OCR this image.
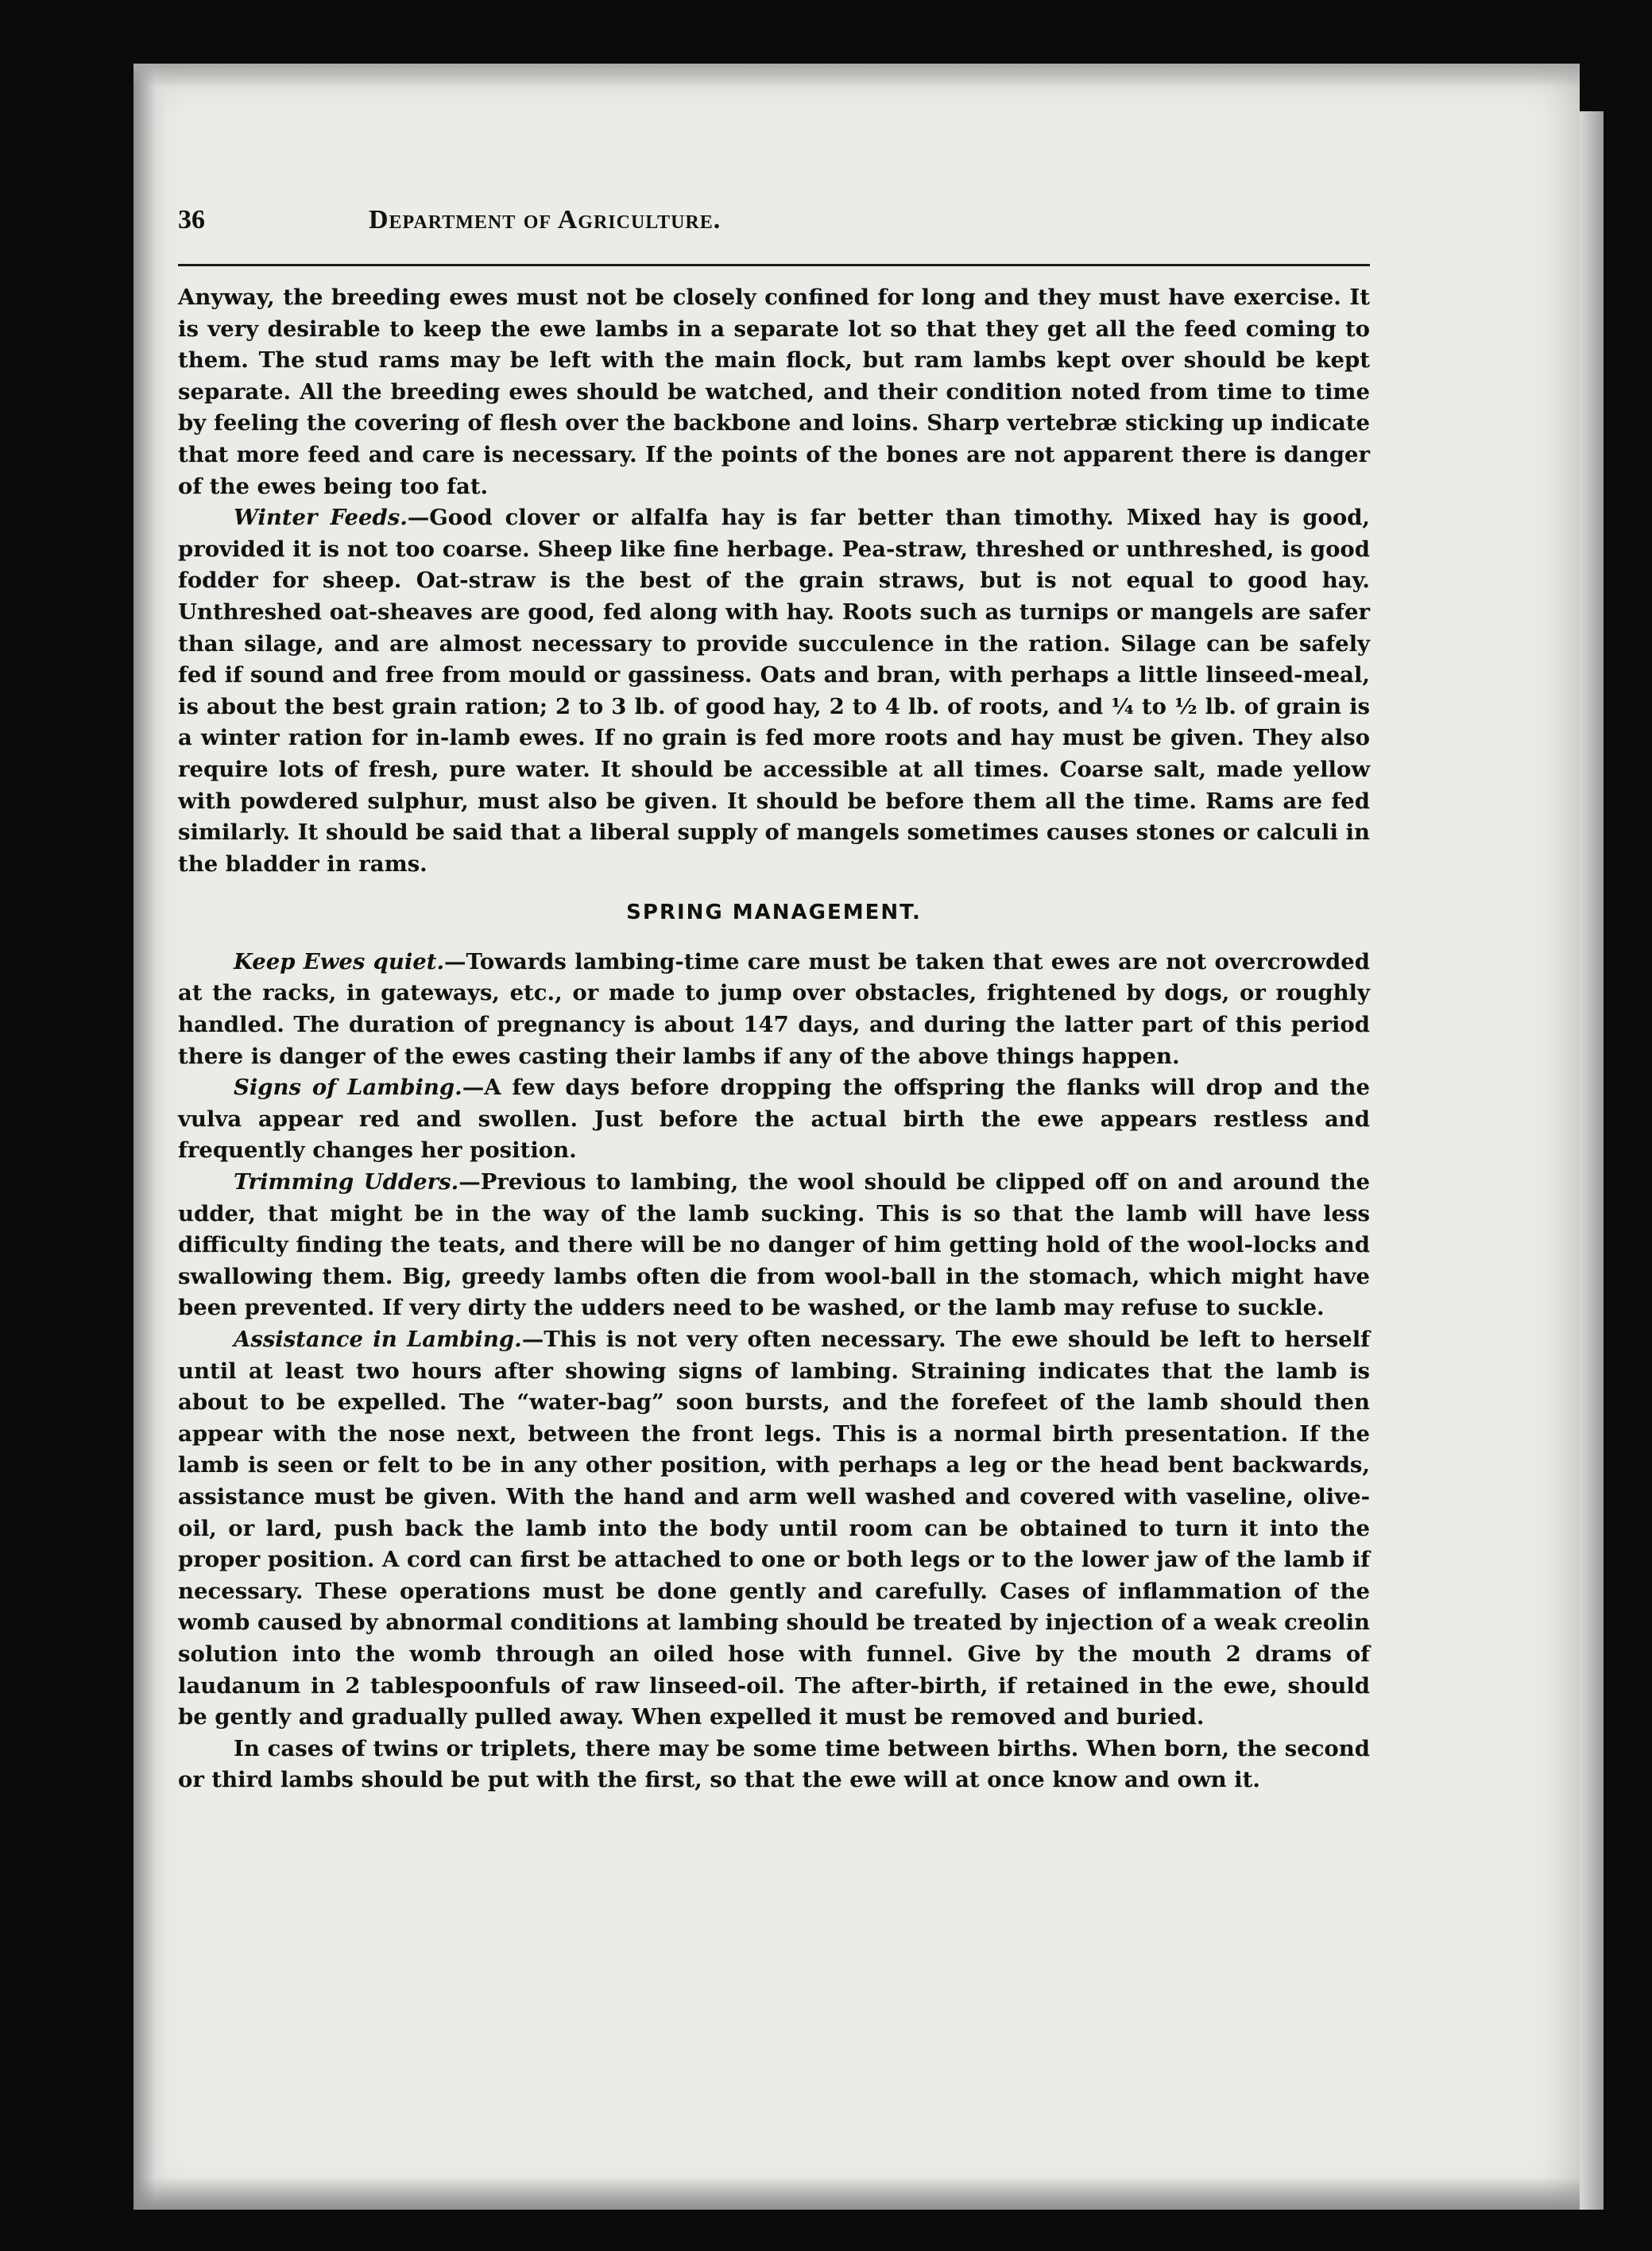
36	Department of Agriculture.

Anyway, the breeding ewes must not be closely confined for long and they must have exercise. It is very desirable to keep the ewe lambs in a separate lot so that they get all the feed coming to them. The stud rams may be left with the main flock, but ram lambs kept over should be kept separate. All the breeding ewes should be watched, and their condition noted from time to time by feeling the covering of flesh over the backbone and loins. Sharp vertebræ sticking up indicate that more feed and care is necessary. If the points of the bones are not apparent there is danger of the ewes being too fat.

Winter Feeds.—Good clover or alfalfa hay is far better than timothy. Mixed hay is good, provided it is not too coarse. Sheep like fine herbage. Pea-straw, threshed or unthreshed, is good fodder for sheep. Oat-straw is the best of the grain straws, but is not equal to good hay. Unthreshed oat-sheaves are good, fed along with hay. Roots such as turnips or mangels are safer than silage, and are almost necessary to provide succulence in the ration. Silage can be safely fed if sound and free from mould or gassiness. Oats and bran, with perhaps a little linseed-meal, is about the best grain ration; 2 to 3 lb. of good hay, 2 to 4 lb. of roots, and ¼ to ½ lb. of grain is a winter ration for in-lamb ewes. If no grain is fed more roots and hay must be given. They also require lots of fresh, pure water. It should be accessible at all times. Coarse salt, made yellow with powdered sulphur, must also be given. It should be before them all the time. Rams are fed similarly. It should be said that a liberal supply of mangels sometimes causes stones or calculi in the bladder in rams.

SPRING MANAGEMENT.

Keep Ewes quiet.—Towards lambing-time care must be taken that ewes are not overcrowded at the racks, in gateways, etc., or made to jump over obstacles, frightened by dogs, or roughly handled. The duration of pregnancy is about 147 days, and during the latter part of this period there is danger of the ewes casting their lambs if any of the above things happen.

Signs of Lambing.—A few days before dropping the offspring the flanks will drop and the vulva appear red and swollen. Just before the actual birth the ewe appears restless and frequently changes her position.

Trimming Udders.—Previous to lambing, the wool should be clipped off on and around the udder, that might be in the way of the lamb sucking. This is so that the lamb will have less difficulty finding the teats, and there will be no danger of him getting hold of the wool-locks and swallowing them. Big, greedy lambs often die from wool-ball in the stomach, which might have been prevented. If very dirty the udders need to be washed, or the lamb may refuse to suckle.

Assistance in Lambing.—This is not very often necessary. The ewe should be left to herself until at least two hours after showing signs of lambing. Straining indicates that the lamb is about to be expelled. The “water-bag” soon bursts, and the forefeet of the lamb should then appear with the nose next, between the front legs. This is a normal birth presentation. If the lamb is seen or felt to be in any other position, with perhaps a leg or the head bent backwards, assistance must be given. With the hand and arm well washed and covered with vaseline, olive-oil, or lard, push back the lamb into the body until room can be obtained to turn it into the proper position. A cord can first be attached to one or both legs or to the lower jaw of the lamb if necessary. These operations must be done gently and carefully. Cases of inflammation of the womb caused by abnormal conditions at lambing should be treated by injection of a weak creolin solution into the womb through an oiled hose with funnel. Give by the mouth 2 drams of laudanum in 2 tablespoonfuls of raw linseed-oil. The after-birth, if retained in the ewe, should be gently and gradually pulled away. When expelled it must be removed and buried.

In cases of twins or triplets, there may be some time between births. When born, the second or third lambs should be put with the first, so that the ewe will at once know and own it.
